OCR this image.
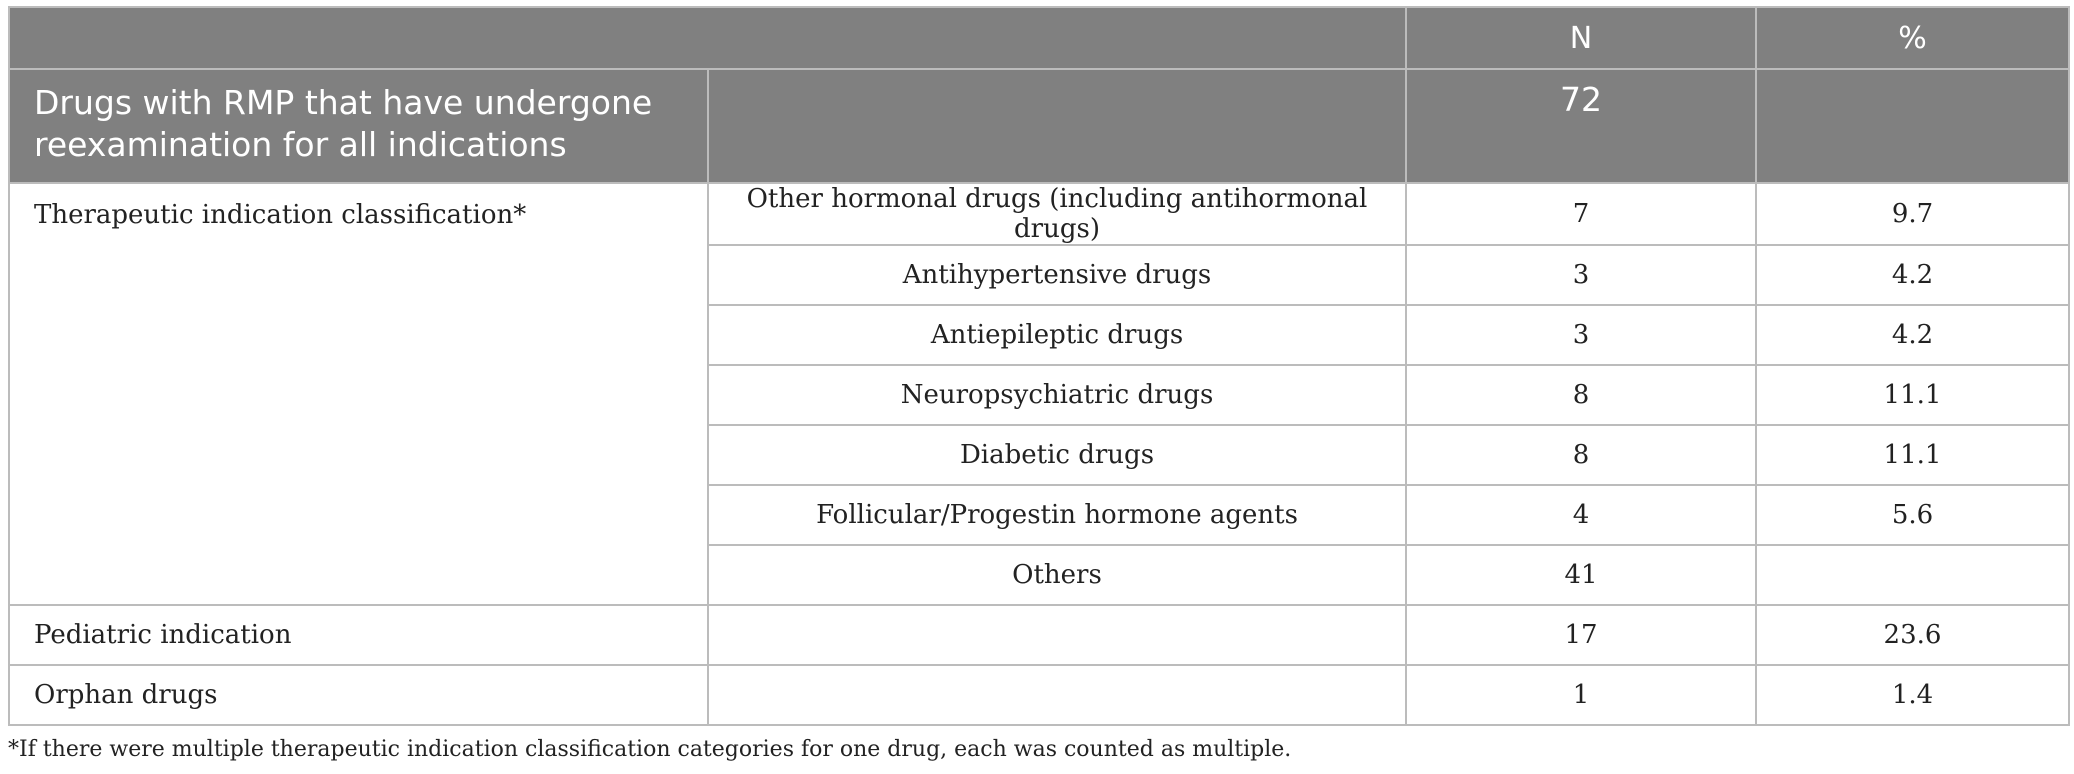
		N	%
Drugs with RMP that have undergone reexamination for all indications		72	
Therapeutic indication classification*	Other hormonal drugs (including antihormonal drugs)	7	9.7
	Antihypertensive drugs	3	4.2
	Antiepileptic drugs	3	4.2
	Neuropsychiatric drugs	8	11.1
	Diabetic drugs	8	11.1
	Follicular/Progestin hormone agents	4	5.6
	Others	41	
Pediatric indication		17	23.6
Orphan drugs		1	1.4
*If there were multiple therapeutic indication classification categories for one drug, each was counted as multiple.
